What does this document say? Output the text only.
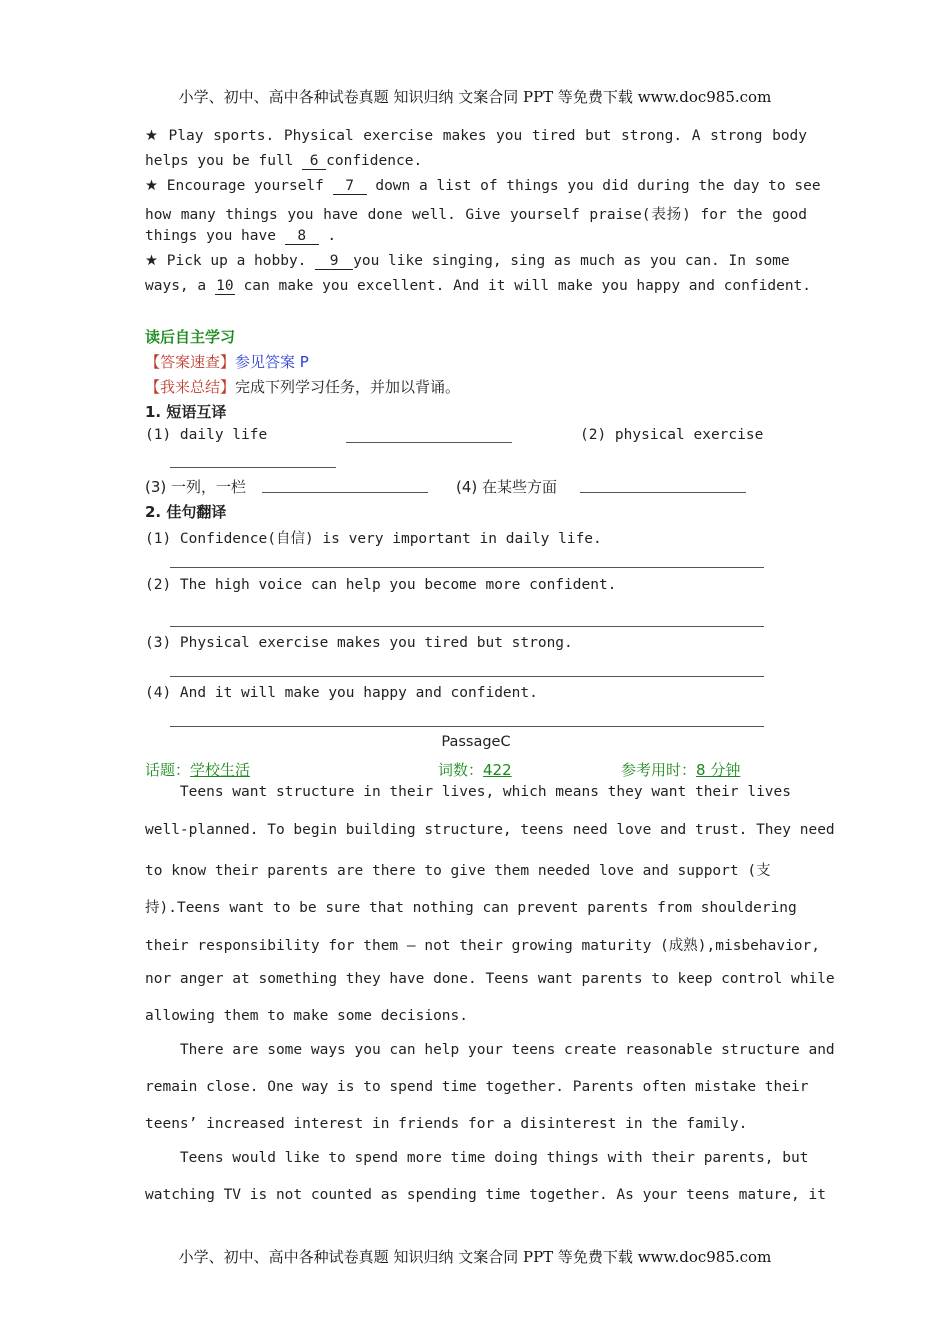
小学、初中、高中各种试卷真题 知识归纳 文案合同 PPT 等免费下载 www.doc985.com
★ Play sports. Physical exercise makes you tired but strong. A strong body
helps you be full 6 confidence.
★ Encourage yourself 7 down a list of things you did during the day to see
how many things you have done well. Give yourself praise(表扬) for the good
things you have 8 .
★ Pick up a hobby. 9 you like singing, sing as much as you can. In some
ways, a 10 can make you excellent. And it will make you happy and confident.
读后自主学习
【答案速查】参见答案 P
【我来总结】完成下列学习任务，并加以背诵。
1. 短语互译
(1) daily life	(2) physical exercise
(3) 一列，一栏	(4) 在某些方面
2. 佳句翻译
(1) Confidence(自信) is very important in daily life.
(2) The high voice can help you become more confident.
(3) Physical exercise makes you tired but strong.
(4) And it will make you happy and confident.
PassageC
话题：学校生活	词数：422	参考用时：8 分钟
Teens want structure in their lives, which means they want their lives
well-planned. To begin building structure, teens need love and trust. They need
to know their parents are there to give them needed love and support (支
持).Teens want to be sure that nothing can prevent parents from shouldering
their responsibility for them — not their growing maturity (成熟),misbehavior,
nor anger at something they have done. Teens want parents to keep control while
allowing them to make some decisions.
There are some ways you can help your teens create reasonable structure and
remain close. One way is to spend time together. Parents often mistake their
teens’ increased interest in friends for a disinterest in the family.
Teens would like to spend more time doing things with their parents, but
watching TV is not counted as spending time together. As your teens mature, it
小学、初中、高中各种试卷真题 知识归纳 文案合同 PPT 等免费下载 www.doc985.com
